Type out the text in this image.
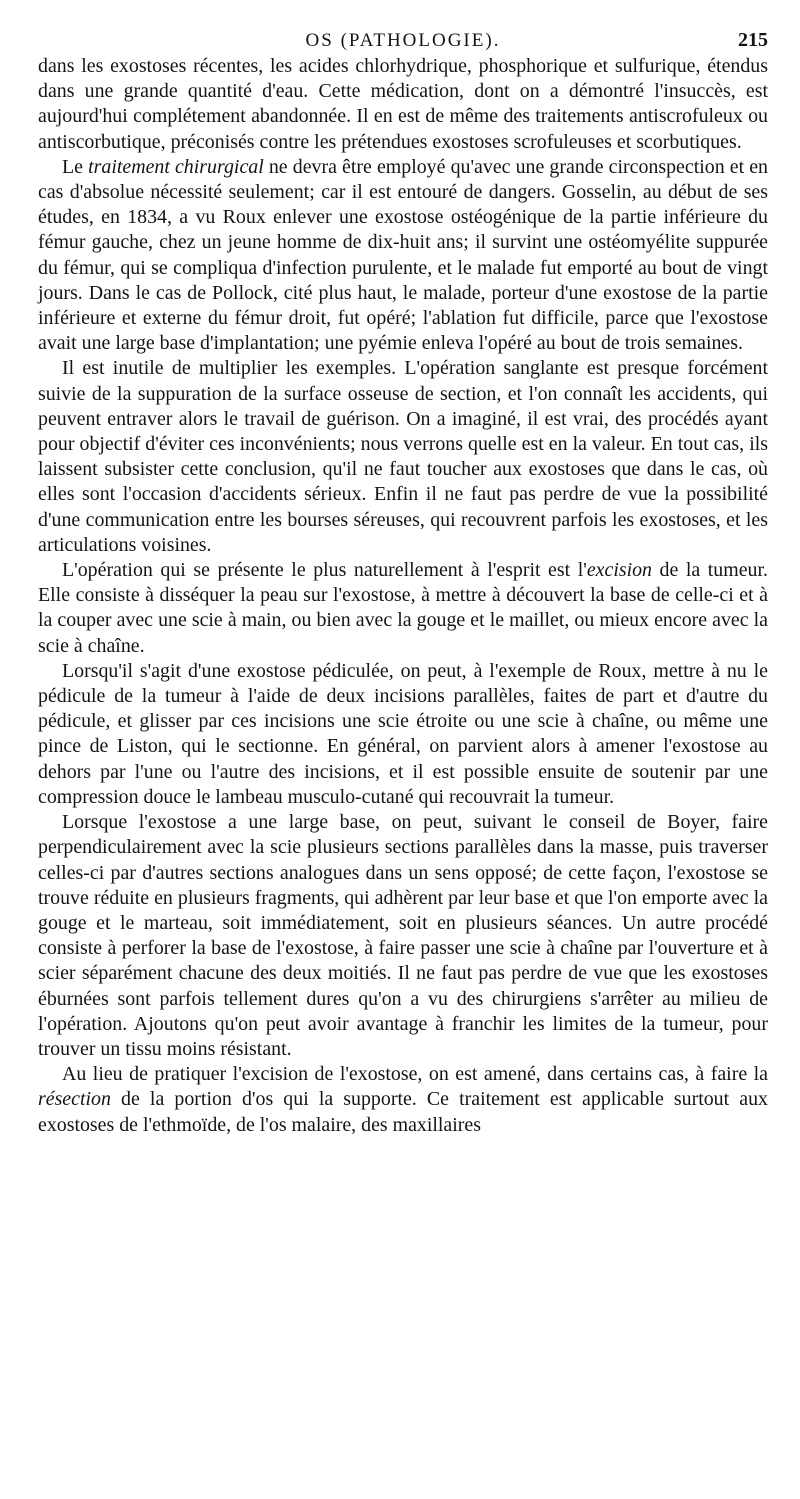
OS (PATHOLOGIE).	215

dans les exostoses récentes, les acides chlorhydrique, phosphorique et sulfurique, étendus dans une grande quantité d'eau. Cette médication, dont on a démontré l'insuccès, est aujourd'hui complétement abandonnée. Il en est de même des traitements antiscrofuleux ou antiscorbutique, préconisés contre les prétendues exostoses scrofuleuses et scorbutiques.

Le traitement chirurgical ne devra être employé qu'avec une grande circonspection et en cas d'absolue nécessité seulement; car il est entouré de dangers. Gosselin, au début de ses études, en 1834, a vu Roux enlever une exostose ostéogénique de la partie inférieure du fémur gauche, chez un jeune homme de dix-huit ans; il survint une ostéomyélite suppurée du fémur, qui se compliqua d'infection purulente, et le malade fut emporté au bout de vingt jours. Dans le cas de Pollock, cité plus haut, le malade, porteur d'une exostose de la partie inférieure et externe du fémur droit, fut opéré; l'ablation fut difficile, parce que l'exostose avait une large base d'implantation; une pyémie enleva l'opéré au bout de trois semaines.

Il est inutile de multiplier les exemples. L'opération sanglante est presque forcément suivie de la suppuration de la surface osseuse de section, et l'on connaît les accidents, qui peuvent entraver alors le travail de guérison. On a imaginé, il est vrai, des procédés ayant pour objectif d'éviter ces inconvénients; nous verrons quelle est en la valeur. En tout cas, ils laissent subsister cette conclusion, qu'il ne faut toucher aux exostoses que dans le cas, où elles sont l'occasion d'accidents sérieux. Enfin il ne faut pas perdre de vue la possibilité d'une communication entre les bourses séreuses, qui recouvrent parfois les exostoses, et les articulations voisines.

L'opération qui se présente le plus naturellement à l'esprit est l'excision de la tumeur. Elle consiste à disséquer la peau sur l'exostose, à mettre à découvert la base de celle-ci et à la couper avec une scie à main, ou bien avec la gouge et le maillet, ou mieux encore avec la scie à chaîne.

Lorsqu'il s'agit d'une exostose pédiculée, on peut, à l'exemple de Roux, mettre à nu le pédicule de la tumeur à l'aide de deux incisions parallèles, faites de part et d'autre du pédicule, et glisser par ces incisions une scie étroite ou une scie à chaîne, ou même une pince de Liston, qui le sectionne. En général, on parvient alors à amener l'exostose au dehors par l'une ou l'autre des incisions, et il est possible ensuite de soutenir par une compression douce le lambeau musculo-cutané qui recouvrait la tumeur.

Lorsque l'exostose a une large base, on peut, suivant le conseil de Boyer, faire perpendiculairement avec la scie plusieurs sections parallèles dans la masse, puis traverser celles-ci par d'autres sections analogues dans un sens opposé; de cette façon, l'exostose se trouve réduite en plusieurs fragments, qui adhèrent par leur base et que l'on emporte avec la gouge et le marteau, soit immédiatement, soit en plusieurs séances. Un autre procédé consiste à perforer la base de l'exostose, à faire passer une scie à chaîne par l'ouverture et à scier séparément chacune des deux moitiés. Il ne faut pas perdre de vue que les exostoses éburnées sont parfois tellement dures qu'on a vu des chirurgiens s'arrêter au milieu de l'opération. Ajoutons qu'on peut avoir avantage à franchir les limites de la tumeur, pour trouver un tissu moins résistant.

Au lieu de pratiquer l'excision de l'exostose, on est amené, dans certains cas, à faire la résection de la portion d'os qui la supporte. Ce traitement est applicable surtout aux exostoses de l'ethmoïde, de l'os malaire, des maxillaires
